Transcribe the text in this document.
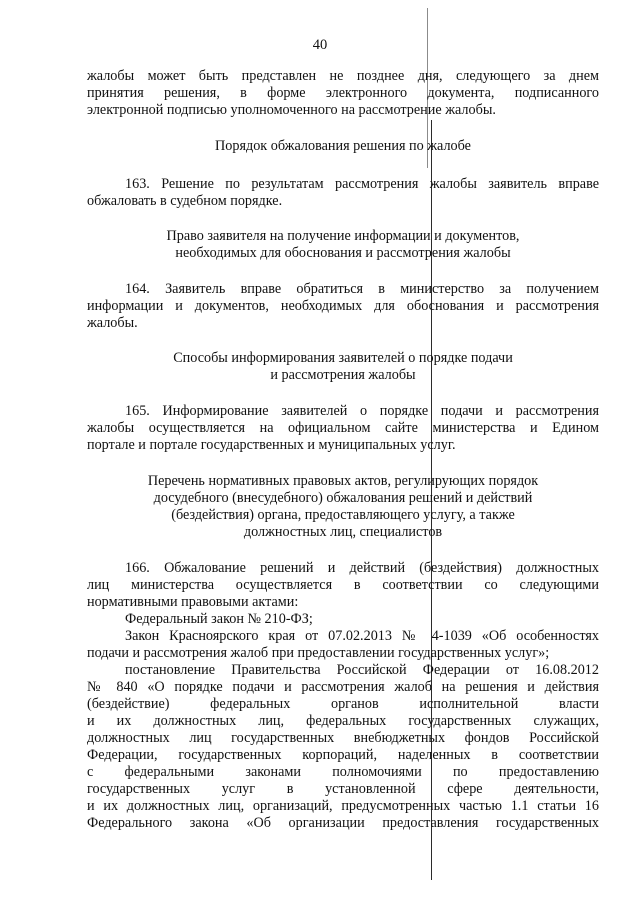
40
жалобы может быть представлен не позднее дня, следующего за днем
принятия решения, в форме электронного документа, подписанного
электронной подписью уполномоченного на рассмотрение жалобы.
Порядок обжалования решения по жалобе
163. Решение по результатам рассмотрения жалобы заявитель вправе
обжаловать в судебном порядке.
Право заявителя на получение информации и документов,
необходимых для обоснования и рассмотрения жалобы
164. Заявитель вправе обратиться в министерство за получением
информации и документов, необходимых для обоснования и рассмотрения
жалобы.
Способы информирования заявителей о порядке подачи
и рассмотрения жалобы
165. Информирование заявителей о порядке подачи и рассмотрения
жалобы осуществляется на официальном сайте министерства и Едином
портале и портале государственных и муниципальных услуг.
Перечень нормативных правовых актов, регулирующих порядок
досудебного (внесудебного) обжалования решений и действий
(бездействия) органа, предоставляющего услугу, а также
должностных лиц, специалистов
166. Обжалование решений и действий (бездействия) должностных
лиц министерства осуществляется в соответствии со следующими
нормативными правовыми актами:
Федеральный закон № 210-ФЗ;
Закон Красноярского края от 07.02.2013 № 4-1039 «Об особенностях
подачи и рассмотрения жалоб при предоставлении государственных услуг»;
постановление Правительства Российской Федерации от 16.08.2012
№ 840 «О порядке подачи и рассмотрения жалоб на решения и действия
(бездействие) федеральных органов исполнительной власти
и их должностных лиц, федеральных государственных служащих,
должностных лиц государственных внебюджетных фондов Российской
Федерации, государственных корпораций, наделенных в соответствии
с федеральными законами полномочиями по предоставлению
государственных услуг в установленной сфере деятельности,
и их должностных лиц, организаций, предусмотренных частью 1.1 статьи 16
Федерального закона «Об организации предоставления государственных
